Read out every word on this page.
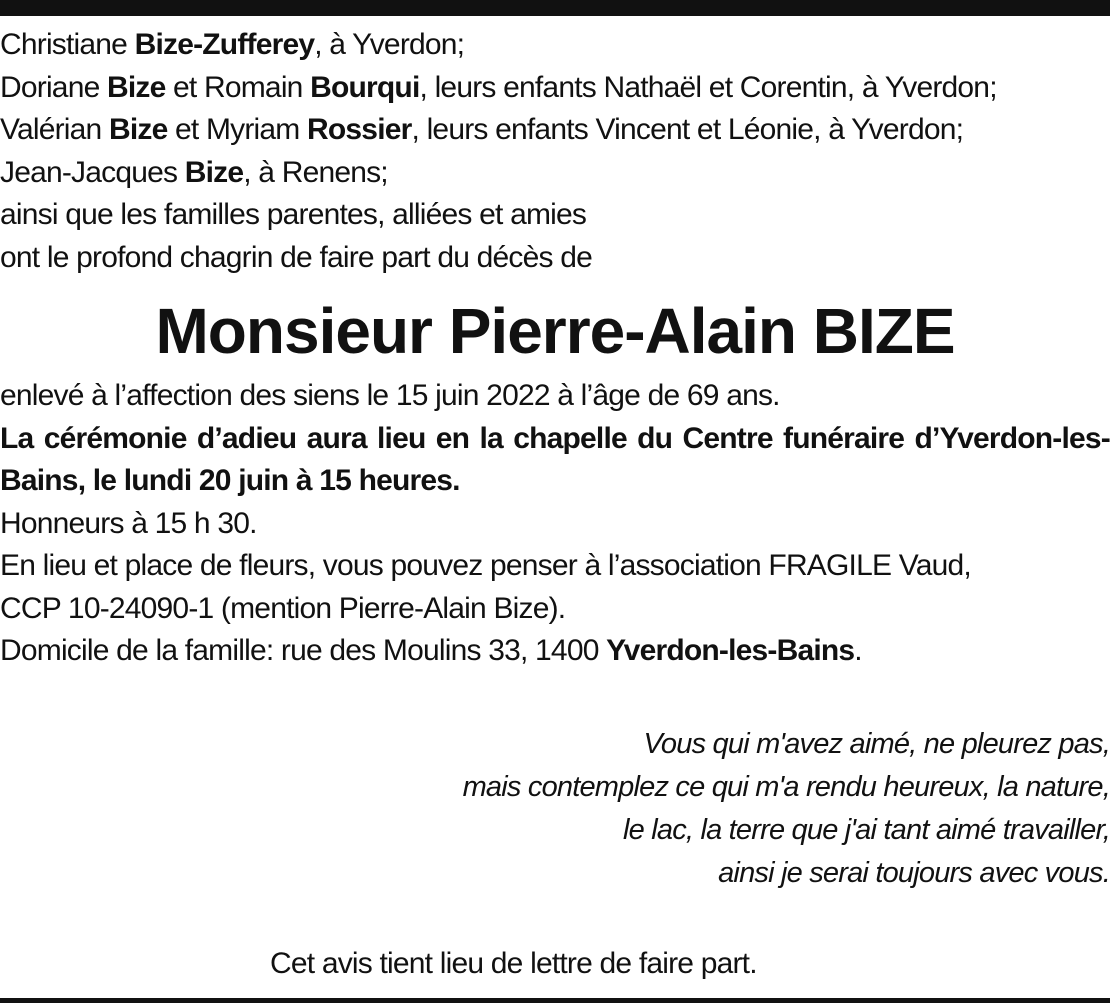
Christiane Bize-Zufferey, à Yverdon;
Doriane Bize et Romain Bourqui, leurs enfants Nathaël et Corentin, à Yverdon;
Valérian Bize et Myriam Rossier, leurs enfants Vincent et Léonie, à Yverdon;
Jean-Jacques Bize, à Renens;
ainsi que les familles parentes, alliées et amies
ont le profond chagrin de faire part du décès de
Monsieur Pierre-Alain BIZE
enlevé à l’affection des siens le 15 juin 2022 à l’âge de 69 ans.
La cérémonie d’adieu aura lieu en la chapelle du Centre funéraire d’Yverdon-les-Bains, le lundi 20 juin à 15 heures.
Honneurs à 15 h 30.
En lieu et place de fleurs, vous pouvez penser à l’association FRAGILE Vaud,
CCP 10-24090-1 (mention Pierre-Alain Bize).
Domicile de la famille: rue des Moulins 33, 1400 Yverdon-les-Bains.
Vous qui m'avez aimé, ne pleurez pas,
mais contemplez ce qui m'a rendu heureux, la nature,
le lac, la terre que j'ai tant aimé travailler,
ainsi je serai toujours avec vous.
Cet avis tient lieu de lettre de faire part.
